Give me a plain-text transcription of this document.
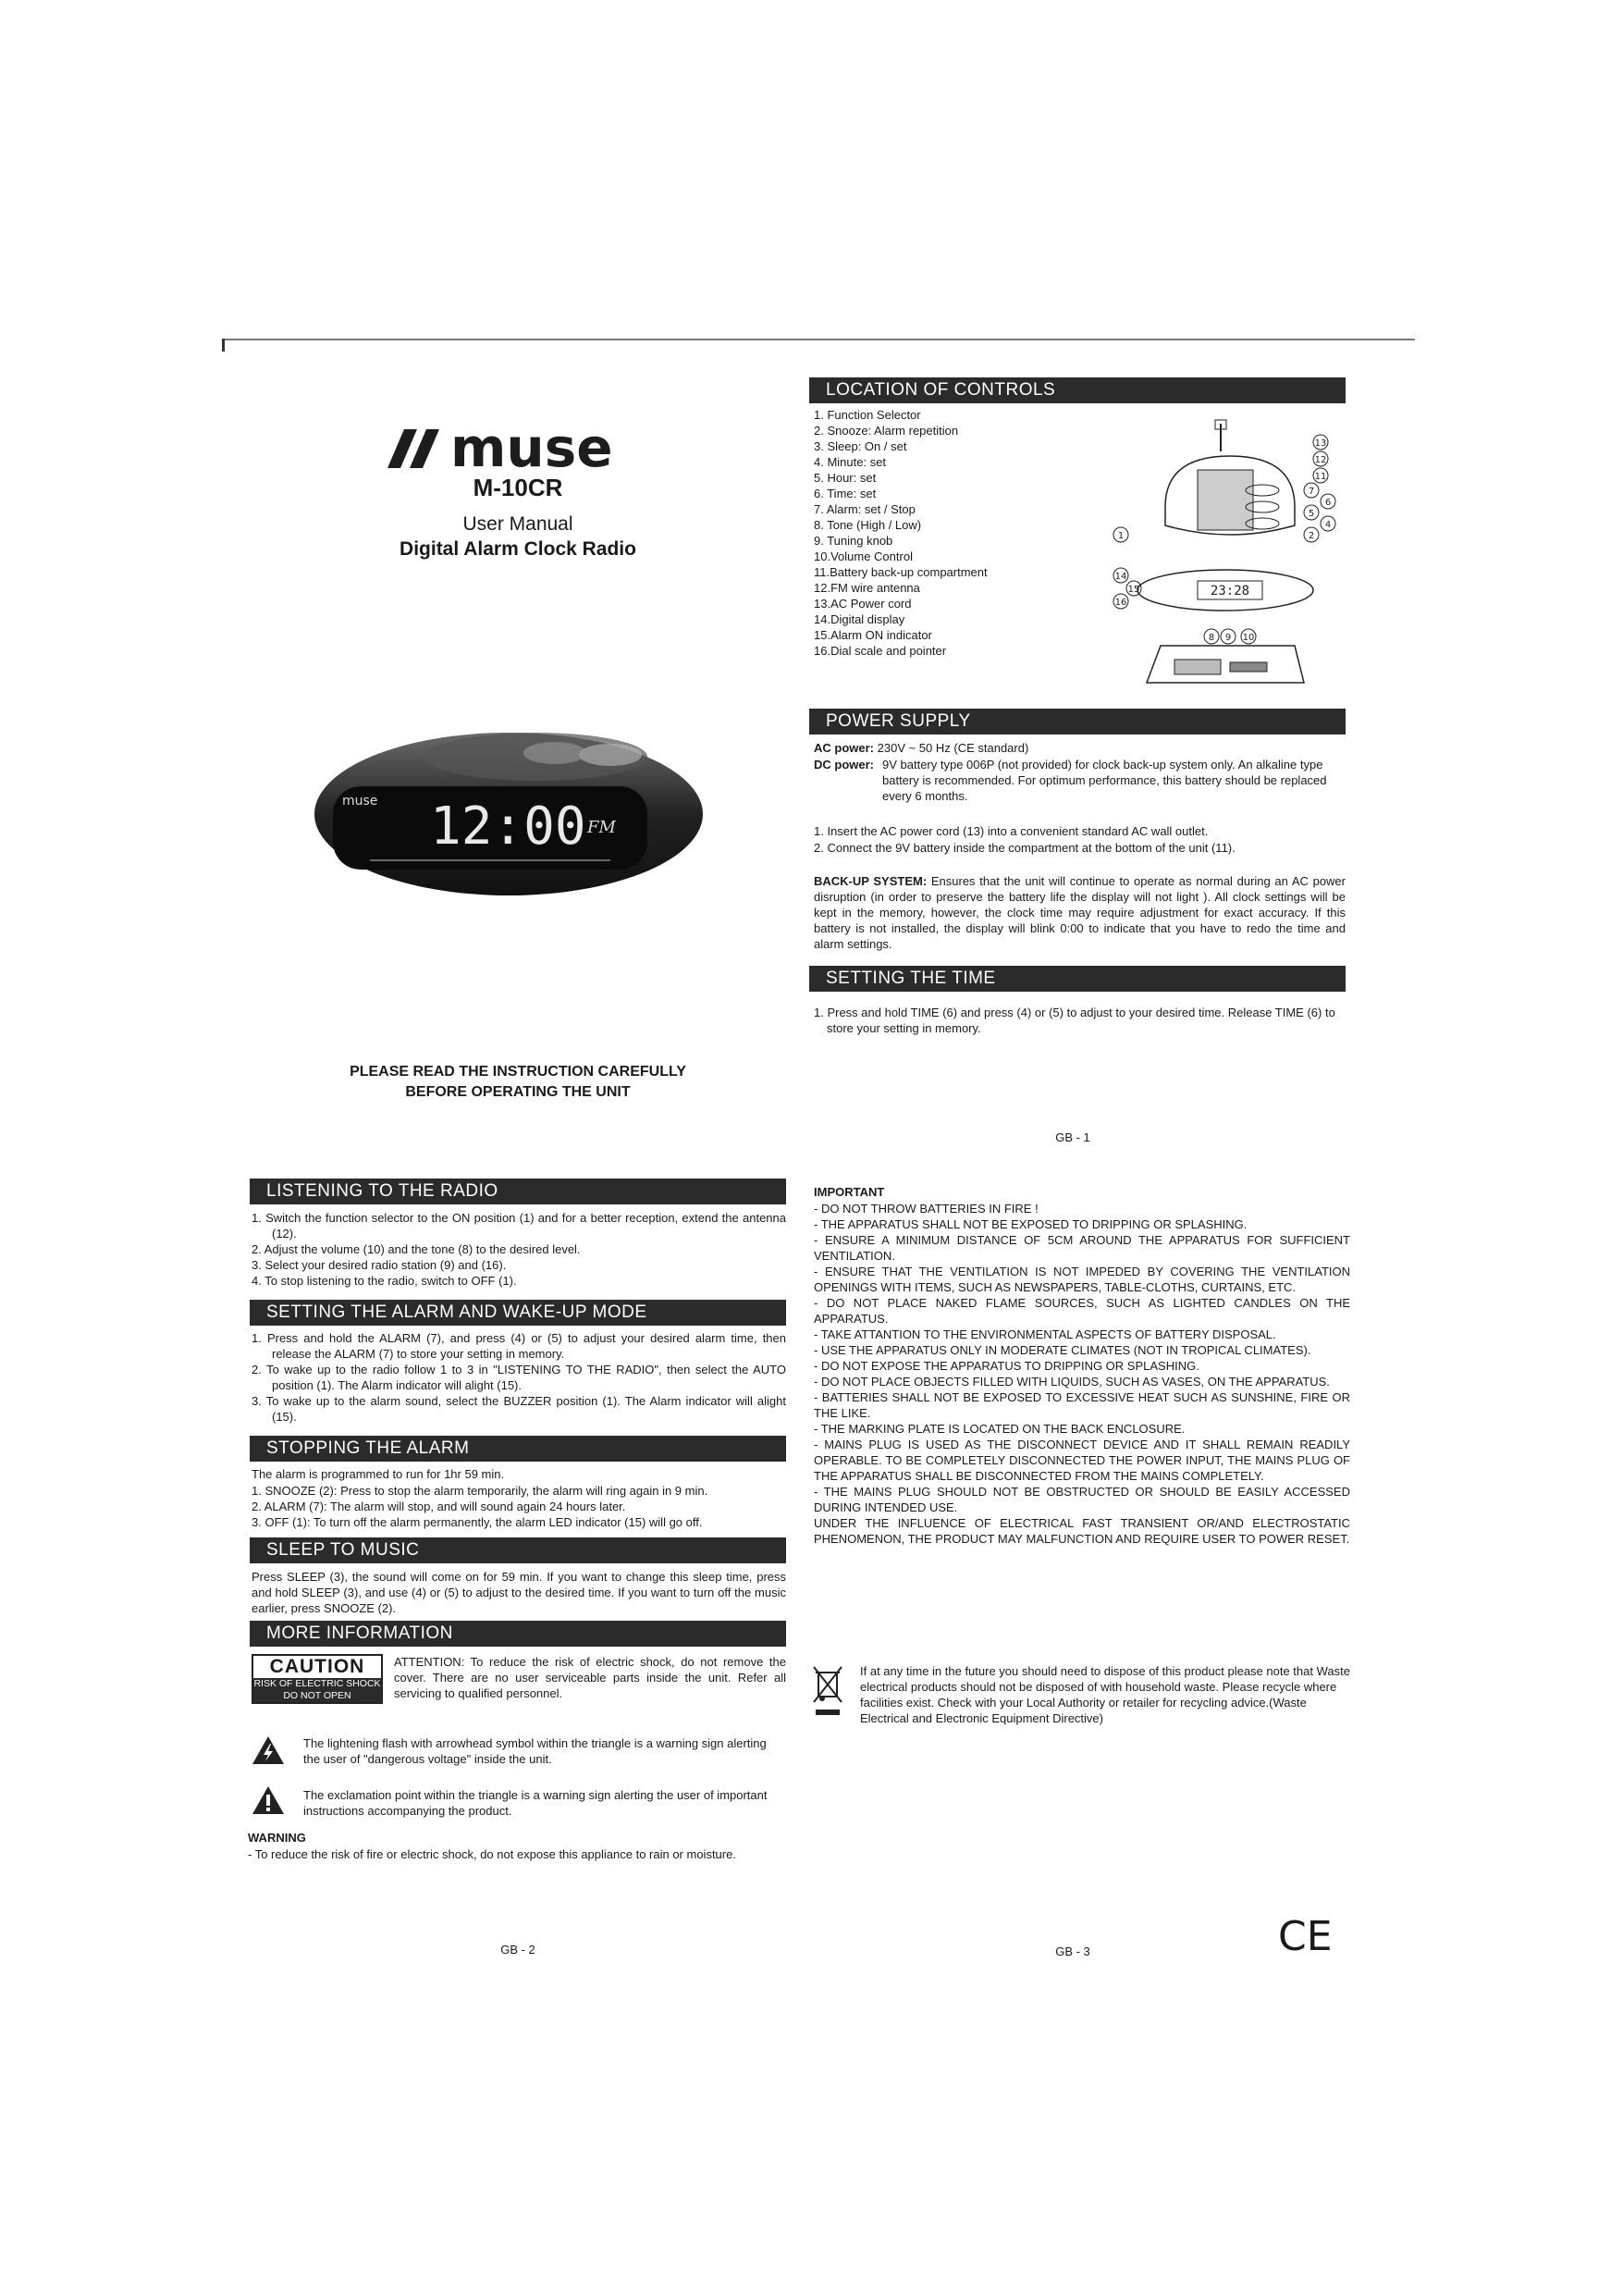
muse
M-10CR
User Manual
Digital Alarm Clock Radio
12:00
muse
FM
PLEASE READ THE INSTRUCTION CAREFULLY
BEFORE OPERATING THE UNIT
LOCATION OF CONTROLS
1. Function Selector
2. Snooze: Alarm repetition
3. Sleep: On / set
4. Minute: set
5. Hour: set
6. Time: set
7. Alarm: set / Stop
8. Tone (High / Low)
9. Tuning knob
10.Volume Control
11.Battery back-up compartment
12.FM wire antenna
13.AC Power cord
14.Digital display
15.Alarm ON indicator
16.Dial scale and pointer
1
13
12
11
7
6
5
4
2
14
15
16
8 9 10
23:28
POWER SUPPLY
AC power: 230V ~ 50 Hz (CE standard)
DC power: 9V battery type 006P (not provided) for clock back-up system only. An alkaline type battery is recommended. For optimum performance, this battery should be replaced every 6 months.
1. Insert the AC power cord (13) into a convenient standard AC wall outlet.
2. Connect the 9V battery inside the compartment at the bottom of the unit (11).
BACK-UP SYSTEM: Ensures that the unit will continue to operate as normal during an AC power disruption (in order to preserve the battery life the display will not light ). All clock settings will be kept in the memory, however, the clock time may require adjustment for exact accuracy. If this battery is not installed, the display will blink 0:00 to indicate that you have to redo the time and alarm settings.
SETTING THE TIME
1. Press and hold TIME (6) and press (4) or (5) to adjust to your desired time. Release TIME (6) to store your setting in memory.
GB - 1
LISTENING TO THE RADIO
1. Switch the function selector to the ON position (1) and for a better reception, extend the antenna (12).
2. Adjust the volume (10) and the tone (8) to the desired level.
3. Select your desired radio station (9) and (16).
4. To stop listening to the radio, switch to OFF (1).
SETTING THE ALARM AND WAKE-UP MODE
1. Press and hold the ALARM (7), and press (4) or (5) to adjust your desired alarm time, then release the ALARM (7) to store your setting in memory.
2. To wake up to the radio follow 1 to 3 in "LISTENING TO THE RADIO", then select the AUTO position (1). The Alarm indicator will alight (15).
3. To wake up to the alarm sound, select the BUZZER position (1). The Alarm indicator will alight (15).
STOPPING THE ALARM
The alarm is programmed to run for 1hr 59 min.
1. SNOOZE (2): Press to stop the alarm temporarily, the alarm will ring again in 9 min.
2. ALARM (7): The alarm will stop, and will sound again 24 hours later.
3. OFF (1): To turn off the alarm permanently, the alarm LED indicator (15) will go off.
SLEEP TO MUSIC
Press SLEEP (3), the sound will come on for 59 min. If you want to change this sleep time, press and hold SLEEP (3), and use (4) or (5) to adjust to the desired time. If you want to turn off the music earlier, press SNOOZE (2).
MORE INFORMATION
CAUTION
RISK OF ELECTRIC SHOCK
DO NOT OPEN
ATTENTION: To reduce the risk of electric shock, do not remove the cover. There are no user serviceable parts inside the unit. Refer all servicing to qualified personnel.
The lightening flash with arrowhead symbol within the triangle is a warning sign alerting the user of "dangerous voltage" inside the unit.
The exclamation point within the triangle is a warning sign alerting the user of important instructions accompanying the product.
WARNING
- To reduce the risk of fire or electric shock, do not expose this appliance to rain or moisture.
GB - 2
IMPORTANT
- DO NOT THROW BATTERIES IN FIRE !
- THE APPARATUS SHALL NOT BE EXPOSED TO DRIPPING OR SPLASHING.
- ENSURE A MINIMUM DISTANCE OF 5CM AROUND THE APPARATUS FOR SUFFICIENT VENTILATION.
- ENSURE THAT THE VENTILATION IS NOT IMPEDED BY COVERING THE VENTILATION OPENINGS WITH ITEMS, SUCH AS NEWSPAPERS, TABLE-CLOTHS, CURTAINS, ETC.
- DO NOT PLACE NAKED FLAME SOURCES, SUCH AS LIGHTED CANDLES ON THE APPARATUS.
- TAKE ATTANTION TO THE ENVIRONMENTAL ASPECTS OF BATTERY DISPOSAL.
- USE THE APPARATUS ONLY IN MODERATE CLIMATES (NOT IN TROPICAL CLIMATES).
- DO NOT EXPOSE THE APPARATUS TO DRIPPING OR SPLASHING.
- DO NOT PLACE OBJECTS FILLED WITH LIQUIDS, SUCH AS VASES, ON THE APPARATUS.
- BATTERIES SHALL NOT BE EXPOSED TO EXCESSIVE HEAT SUCH AS SUNSHINE, FIRE OR THE LIKE.
- THE MARKING PLATE IS LOCATED ON THE BACK ENCLOSURE.
- MAINS PLUG IS USED AS THE DISCONNECT DEVICE AND IT SHALL REMAIN READILY OPERABLE. TO BE COMPLETELY DISCONNECTED THE POWER INPUT, THE MAINS PLUG OF THE APPARATUS SHALL BE DISCONNECTED FROM THE MAINS COMPLETELY.
- THE MAINS PLUG SHOULD NOT BE OBSTRUCTED OR SHOULD BE EASILY ACCESSED DURING INTENDED USE.
UNDER THE INFLUENCE OF ELECTRICAL FAST TRANSIENT OR/AND ELECTROSTATIC PHENOMENON, THE PRODUCT MAY MALFUNCTION AND REQUIRE USER TO POWER RESET.
If at any time in the future you should need to dispose of this product please note that Waste electrical products should not be disposed of with household waste. Please recycle where facilities exist. Check with your Local Authority or retailer for recycling advice.(Waste Electrical and Electronic Equipment Directive)
GB - 3	CE
